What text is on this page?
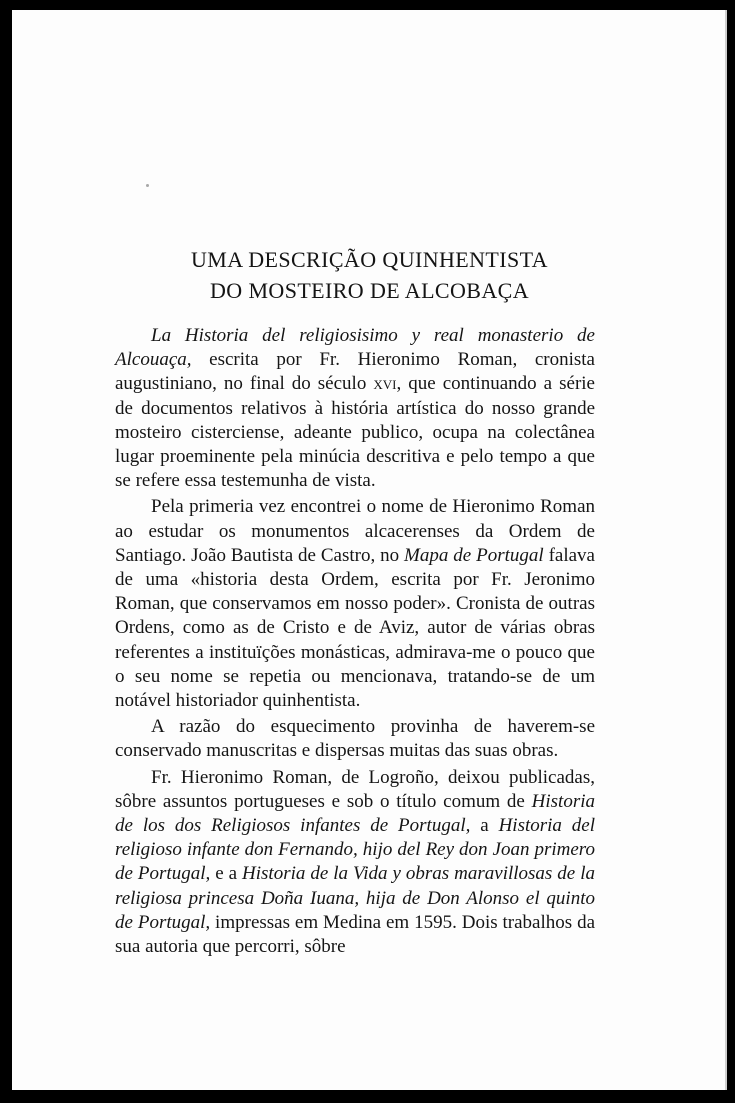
UMA DESCRIÇÃO QUINHENTISTA
DO MOSTEIRO DE ALCOBAÇA

La Historia del religiosisimo y real monasterio de Alcouaça, escrita por Fr. Hieronimo Roman, cronista augustiniano, no final do século xvi, que continuando a série de documentos relativos à história artística do nosso grande mosteiro cisterciense, adeante publico, ocupa na colectânea lugar proeminente pela minúcia descritiva e pelo tempo a que se refere essa testemunha de vista.

Pela primeria vez encontrei o nome de Hieronimo Roman ao estudar os monumentos alcacerenses da Ordem de Santiago. João Bautista de Castro, no Mapa de Portugal falava de uma «historia desta Ordem, escrita por Fr. Jeronimo Roman, que conservamos em nosso poder». Cronista de outras Ordens, como as de Cristo e de Aviz, autor de várias obras referentes a instituïções monásticas, admirava-me o pouco que o seu nome se repetia ou mencionava, tratando-se de um notável historiador quinhentista.

A razão do esquecimento provinha de haverem-se conservado manuscritas e dispersas muitas das suas obras.

Fr. Hieronimo Roman, de Logroño, deixou publicadas, sôbre assuntos portugueses e sob o título comum de Historia de los dos Religiosos infantes de Portugal, a Historia del religioso infante don Fernando, hijo del Rey don Joan primero de Portugal, e a Historia de la Vida y obras maravillosas de la religiosa princesa Doña Iuana, hija de Don Alonso el quinto de Portugal, impressas em Medina em 1595. Dois trabalhos da sua autoria que percorri, sôbre
